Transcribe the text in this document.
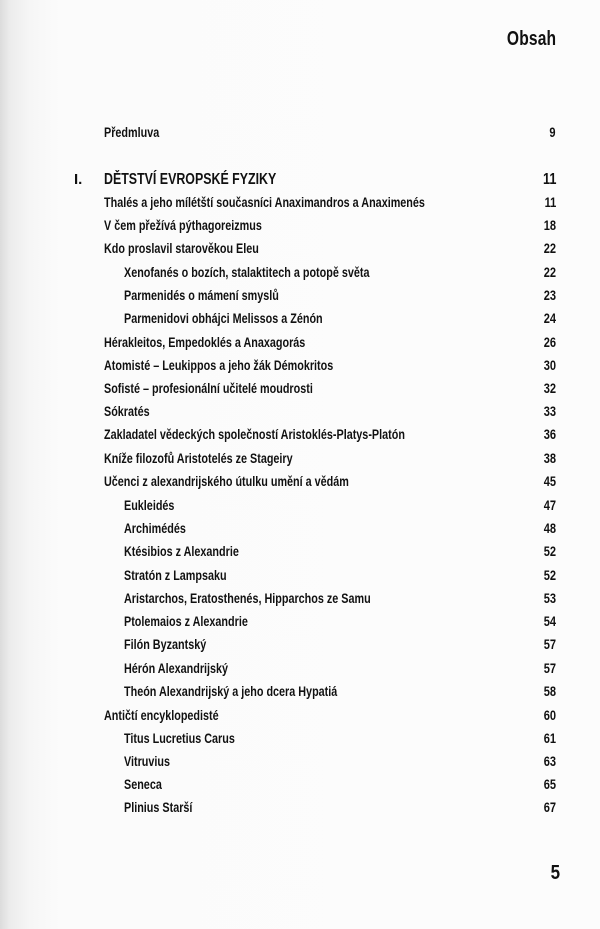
Obsah
Předmluva	9
I. DĚTSTVÍ EVROPSKÉ FYZIKY	11
Thalés a jeho mílétští současníci Anaximandros a Anaximenés	11
V čem přežívá pýthagoreizmus	18
Kdo proslavil starověkou Eleu	22
Xenofanés o bozích, stalaktitech a potopě světa	22
Parmenidés o mámení smyslů	23
Parmenidovi obhájci Melissos a Zénón	24
Hérakleitos, Empedoklés a Anaxagorás	26
Atomisté – Leukippos a jeho žák Démokritos	30
Sofisté – profesionální učitelé moudrosti	32
Sókratés	33
Zakladatel vědeckých společností Aristoklés-Platys-Platón	36
Kníže filozofů Aristotelés ze Stageiry	38
Učenci z alexandrijského útulku umění a vědám	45
Eukleidés	47
Archimédés	48
Ktésibios z Alexandrie	52
Stratón z Lampsaku	52
Aristarchos, Eratosthenés, Hipparchos ze Samu	53
Ptolemaios z Alexandrie	54
Filón Byzantský	57
Hérón Alexandrijský	57
Theón Alexandrijský a jeho dcera Hypatiá	58
Antičtí encyklopedisté	60
Titus Lucretius Carus	61
Vitruvius	63
Seneca	65
Plinius Starší	67
5
